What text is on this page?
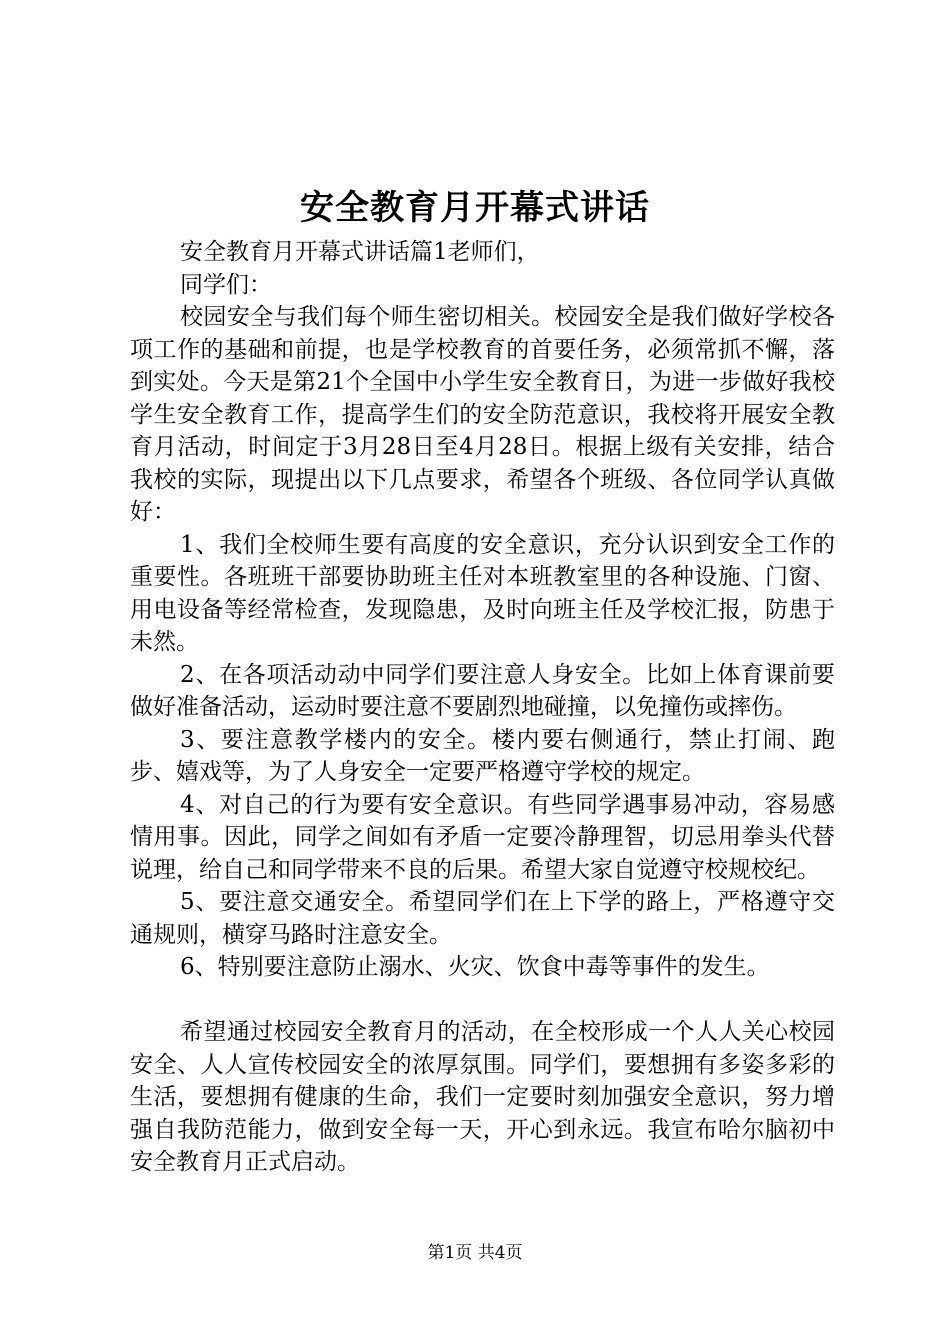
安全教育月开幕式讲话

安全教育月开幕式讲话篇1老师们，

同学们：

校园安全与我们每个师生密切相关。校园安全是我们做好学校各项工作的基础和前提，也是学校教育的首要任务，必须常抓不懈，落到实处。今天是第21个全国中小学生安全教育日，为进一步做好我校学生安全教育工作，提高学生们的安全防范意识，我校将开展安全教育月活动，时间定于3月28日至4月28日。根据上级有关安排，结合我校的实际，现提出以下几点要求，希望各个班级、各位同学认真做好：

1、我们全校师生要有高度的安全意识，充分认识到安全工作的重要性。各班班干部要协助班主任对本班教室里的各种设施、门窗、用电设备等经常检查，发现隐患，及时向班主任及学校汇报，防患于未然。

2、在各项活动动中同学们要注意人身安全。比如上体育课前要做好准备活动，运动时要注意不要剧烈地碰撞，以免撞伤或摔伤。

3、要注意教学楼内的安全。楼内要右侧通行，禁止打闹、跑步、嬉戏等，为了人身安全一定要严格遵守学校的规定。

4、对自己的行为要有安全意识。有些同学遇事易冲动，容易感情用事。因此，同学之间如有矛盾一定要冷静理智，切忌用拳头代替说理，给自己和同学带来不良的后果。希望大家自觉遵守校规校纪。

5、要注意交通安全。希望同学们在上下学的路上，严格遵守交通规则，横穿马路时注意安全。

6、特别要注意防止溺水、火灾、饮食中毒等事件的发生。

希望通过校园安全教育月的活动，在全校形成一个人人关心校园安全、人人宣传校园安全的浓厚氛围。同学们，要想拥有多姿多彩的生活，要想拥有健康的生命，我们一定要时刻加强安全意识，努力增强自我防范能力，做到安全每一天，开心到永远。我宣布哈尔脑初中安全教育月正式启动。

第1页 共4页
